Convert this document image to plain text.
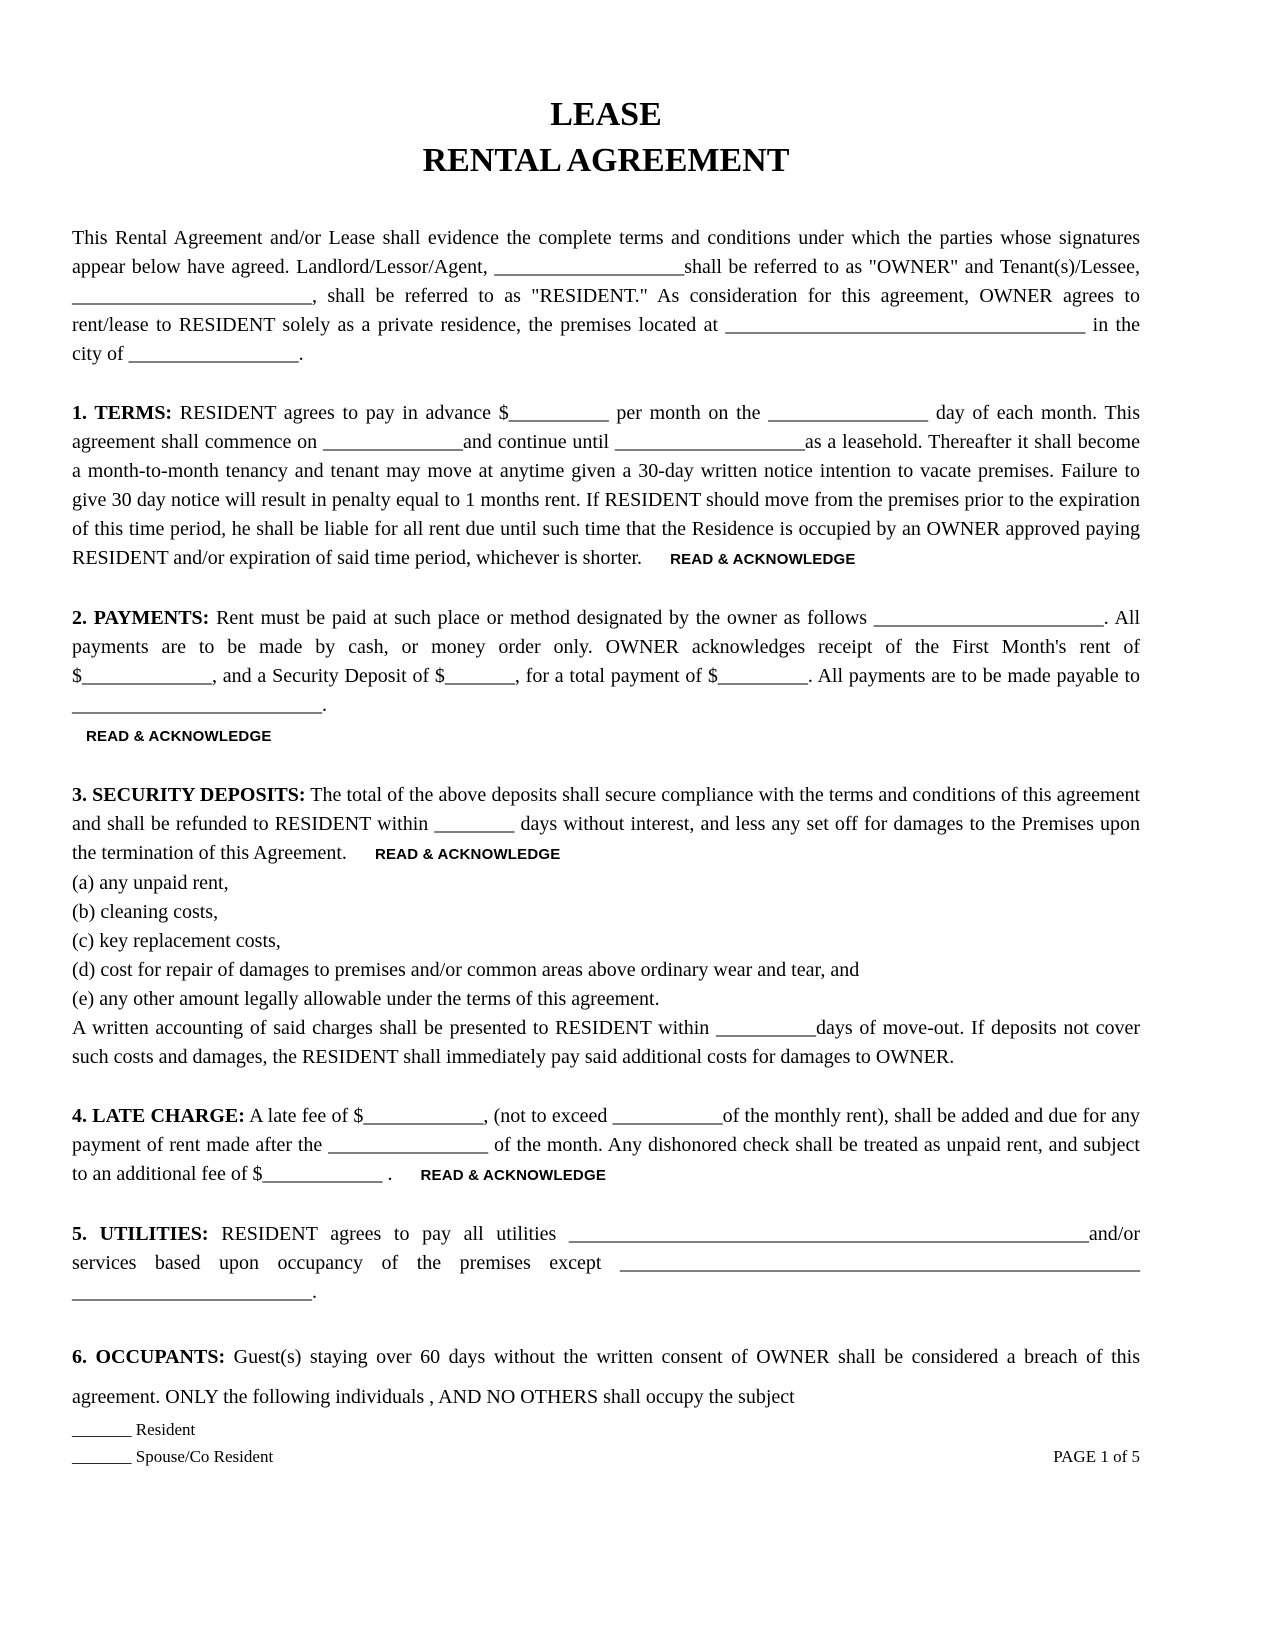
LEASE
RENTAL AGREEMENT

This Rental Agreement and/or Lease shall evidence the complete terms and conditions under which the parties whose signatures appear below have agreed. Landlord/Lessor/Agent, ___________________shall be referred to as "OWNER" and Tenant(s)/Lessee, ________________________, shall be referred to as "RESIDENT." As consideration for this agreement, OWNER agrees to rent/lease to RESIDENT solely as a private residence, the premises located at ____________________________________ in the city of _________________.

1. TERMS: RESIDENT agrees to pay in advance $__________ per month on the ________________ day of each month. This agreement shall commence on ______________and continue until ___________________as a leasehold. Thereafter it shall become a month-to-month tenancy and tenant may move at anytime given a 30-day written notice intention to vacate premises. Failure to give 30 day notice will result in penalty equal to 1 months rent. If RESIDENT should move from the premises prior to the expiration of this time period, he shall be liable for all rent due until such time that the Residence is occupied by an OWNER approved paying RESIDENT and/or expiration of said time period, whichever is shorter. READ & ACKNOWLEDGE

2. PAYMENTS: Rent must be paid at such place or method designated by the owner as follows _______________________. All payments are to be made by cash, or money order only. OWNER acknowledges receipt of the First Month's rent of $_____________, and a Security Deposit of $_______, for a total payment of $_________. All payments are to be made payable to _________________________.
READ & ACKNOWLEDGE

3. SECURITY DEPOSITS: The total of the above deposits shall secure compliance with the terms and conditions of this agreement and shall be refunded to RESIDENT within ________ days without interest, and less any set off for damages to the Premises upon the termination of this Agreement. READ & ACKNOWLEDGE

(a) any unpaid rent,
(b) cleaning costs,
(c) key replacement costs,
(d) cost for repair of damages to premises and/or common areas above ordinary wear and tear, and
(e) any other amount legally allowable under the terms of this agreement.

A written accounting of said charges shall be presented to RESIDENT within __________days of move-out. If deposits not cover such costs and damages, the RESIDENT shall immediately pay said additional costs for damages to OWNER.

4. LATE CHARGE: A late fee of $____________, (not to exceed ___________of the monthly rent), shall be added and due for any payment of rent made after the ________________ of the month. Any dishonored check shall be treated as unpaid rent, and subject to an additional fee of $____________ . READ & ACKNOWLEDGE

5. UTILITIES: RESIDENT agrees to pay all utilities ____________________________________________________and/or services based upon occupancy of the premises except ____________________________________________________ ________________________.

6. OCCUPANTS: Guest(s) staying over 60 days without the written consent of OWNER shall be considered a breach of this agreement. ONLY the following individuals , AND NO OTHERS shall occupy the subject

_______ Resident
_______ Spouse/Co Resident	PAGE 1 of 5
